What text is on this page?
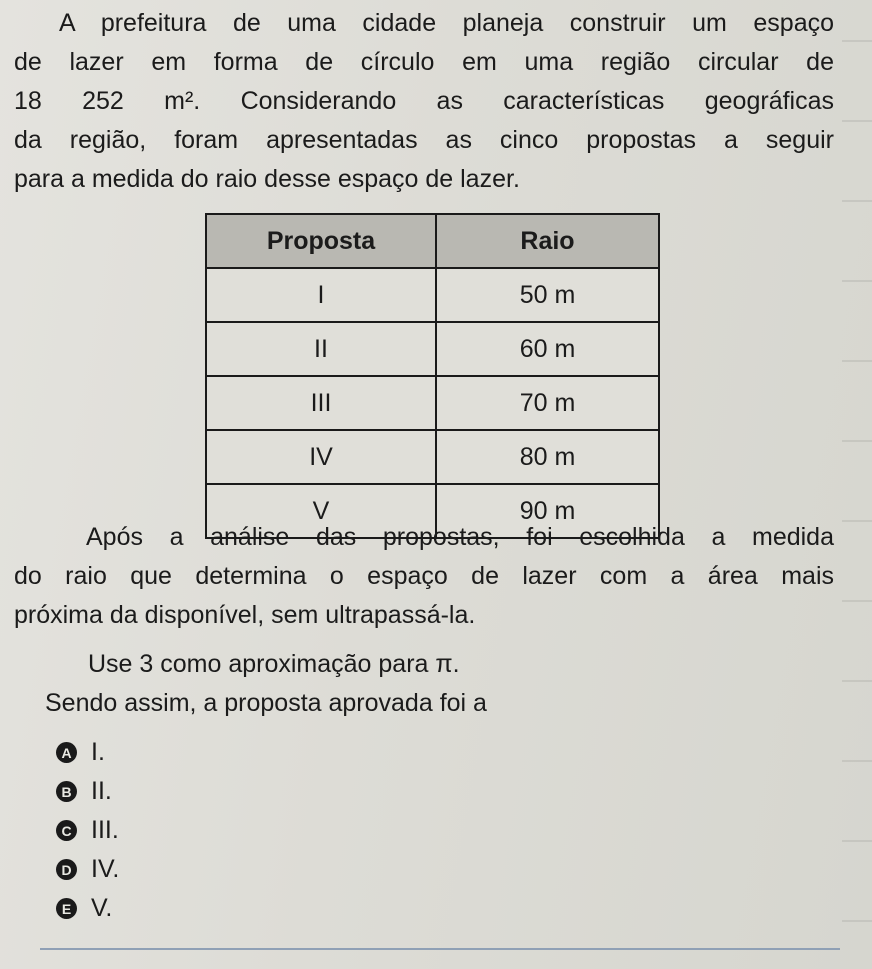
A prefeitura de uma cidade planeja construir um espaço
de lazer em forma de círculo em uma região circular de
18 252 m². Considerando as características geográficas
da região, foram apresentadas as cinco propostas a seguir
para a medida do raio desse espaço de lazer.
Proposta	Raio
I	50 m
II	60 m
III	70 m
IV	80 m
V	90 m
Após a análise das propostas, foi escolhida a medida
do raio que determina o espaço de lazer com a área mais
próxima da disponível, sem ultrapassá-la.
Use 3 como aproximação para π.
Sendo assim, a proposta aprovada foi a
A I.
B II.
C III.
D IV.
E V.
